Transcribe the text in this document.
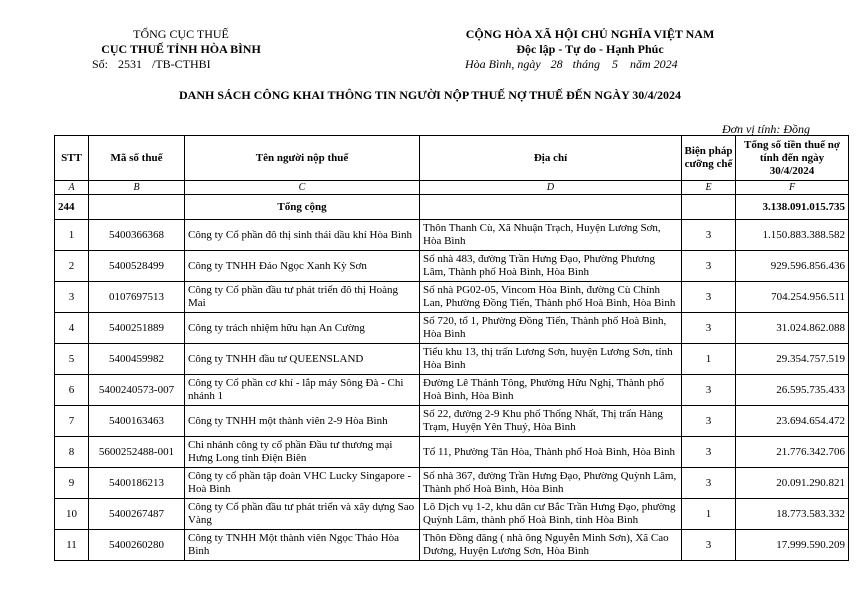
TỔNG CỤC THUẾ
CỤC THUẾ TỈNH HÒA BÌNH
Số: 2531 /TB-CTHBI
CỘNG HÒA XÃ HỘI CHỦ NGHĨA VIỆT NAM
Độc lập - Tự do - Hạnh Phúc
Hòa Bình, ngày 28 tháng 5 năm 2024
DANH SÁCH CÔNG KHAI THÔNG TIN NGƯỜI NỘP THUẾ NỢ THUẾ ĐẾN NGÀY 30/4/2024
Đơn vị tính: Đồng
STT	Mã số thuế	Tên người nộp thuế	Địa chỉ	Biện pháp cưỡng chế	Tổng số tiền thuế nợ tính đến ngày 30/4/2024
A	B	C	D	E	F
244		Tổng cộng			3.138.091.015.735
1	5400366368	Công ty Cổ phần đô thị sinh thái dầu khí Hòa Bình	Thôn Thanh Cù, Xã Nhuận Trạch, Huyện Lương Sơn, Hòa Bình	3	1.150.883.388.582
2	5400528499	Công ty TNHH Đảo Ngọc Xanh Kỳ Sơn	Số nhà 483, đường Trần Hưng Đạo, Phường Phương Lâm, Thành phố Hoà Bình, Hòa Bình	3	929.596.856.436
3	0107697513	Công ty Cổ phần đầu tư phát triển đô thị Hoàng Mai	Số nhà PG02-05, Vincom Hòa Bình, đường Cù Chính Lan, Phường Đồng Tiến, Thành phố Hoà Bình, Hòa Bình	3	704.254.956.511
4	5400251889	Công ty trách nhiệm hữu hạn An Cường	Số 720, tổ 1, Phường Đồng Tiến, Thành phố Hoà Bình, Hòa Bình	3	31.024.862.088
5	5400459982	Công ty TNHH đầu tư QUEENSLAND	Tiểu khu 13, thị trấn Lương Sơn, huyện Lương Sơn, tỉnh Hòa Bình	1	29.354.757.519
6	5400240573-007	Công ty Cổ phần cơ khí - lắp máy Sông Đà - Chi nhánh 1	Đường Lê Thánh Tông, Phường Hữu Nghị, Thành phố Hoà Bình, Hòa Bình	3	26.595.735.433
7	5400163463	Công ty TNHH một thành viên 2-9 Hòa Bình	Số 22, đường 2-9 Khu phố Thống Nhất, Thị trấn Hàng Trạm, Huyện Yên Thuỷ, Hòa Bình	3	23.694.654.472
8	5600252488-001	Chi nhánh công ty cổ phần Đầu tư thương mại Hưng Long tỉnh Điện Biên	Tổ 11, Phường Tân Hòa, Thành phố Hoà Bình, Hòa Bình	3	21.776.342.706
9	5400186213	Công ty cổ phần tập đoàn VHC Lucky Singapore - Hoà Bình	Số nhà 367, đường Trần Hưng Đạo, Phường Quỳnh Lâm, Thành phố Hoà Bình, Hòa Bình	3	20.091.290.821
10	5400267487	Công ty Cổ phần đầu tư phát triển và xây dựng Sao Vàng	Lô Dịch vụ 1-2, khu dân cư Bắc Trần Hưng Đạo, phường Quỳnh Lâm, thành phố Hoà Bình, tỉnh Hòa Bình	1	18.773.583.332
11	5400260280	Công ty TNHH Một thành viên Ngọc Thảo Hòa Bình	Thôn Đồng đăng ( nhà ông Nguyễn Minh Sơn), Xã Cao Dương, Huyện Lương Sơn, Hòa Bình	3	17.999.590.209
